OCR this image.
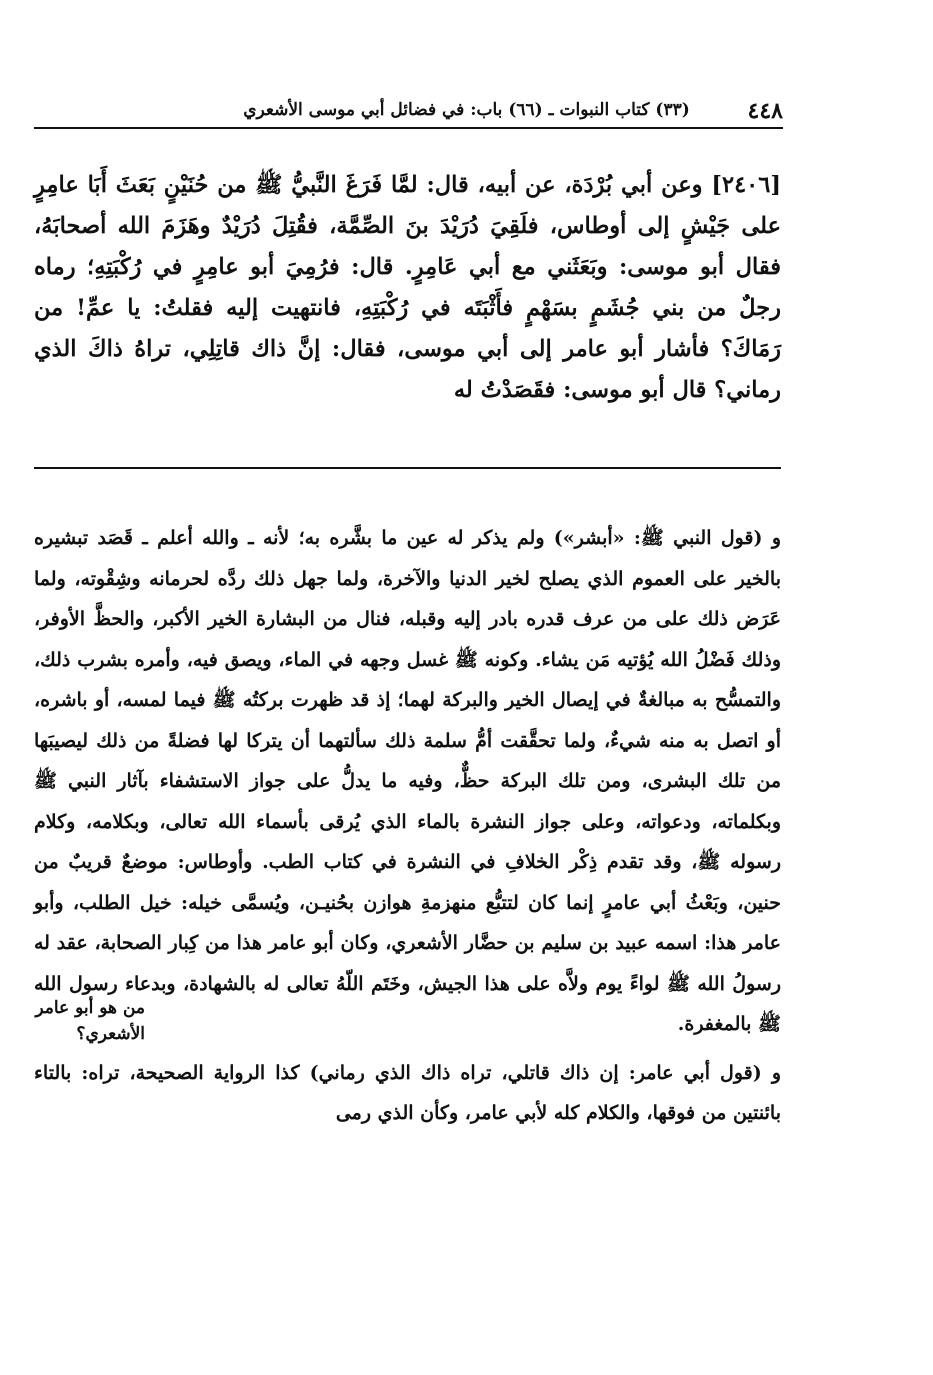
٤٤٨
(٣٣) كتاب النبوات ـ (٦٦) باب: في فضائل أبي موسى الأشعري

[٢٤٠٦] وعن أبي بُرْدَة، عن أبيه، قال: لمَّا فَرَغَ النَّبيُّ ﷺ من حُنَيْنٍ بَعَثَ أَبَا عامِرٍ على جَيْشٍ إلى أوطاس، فلَقِيَ دُرَيْدَ بنَ الصِّمَّة، فقُتِلَ دُرَيْدٌ وهَزَمَ الله أصحابَهُ، فقال أبو موسى: وبَعَثَني مع أبي عَامِرٍ. قال: فرُمِيَ أبو عامِرٍ في رُكْبَتِهِ؛ رماه رجلٌ من بني جُشَمٍ بسَهْمٍ فأَثْبَتَه في رُكْبَتِهِ، فانتهيت إليه فقلتُ: يا عمِّ! من رَمَاكَ؟ فأشار أبو عامر إلى أبي موسى، فقال: إنَّ ذاك قاتِلِي، تراهُ ذاكَ الذي رماني؟ قال أبو موسى: فقَصَدْتُ له

و (قول النبي ﷺ: «أبشر») ولم يذكر له عين ما بشَّره به؛ لأنه ـ والله أعلم ـ قَصَد تبشيره بالخير على العموم الذي يصلح لخير الدنيا والآخرة، ولما جهل ذلك ردَّه لحرمانه وشِقْوته، ولما عَرَض ذلك على من عرف قدره بادر إليه وقبله، فنال من البشارة الخير الأكبر، والحظَّ الأوفر، وذلك فَضْلُ الله يُؤتيه مَن يشاء. وكونه ﷺ غسل وجهه في الماء، ويصق فيه، وأمره بشرب ذلك، والتمسُّح به مبالغةٌ في إيصال الخير والبركة لهما؛ إذ قد ظهرت بركتُه ﷺ فيما لمسه، أو باشره، أو اتصل به منه شيءٌ، ولما تحقَّقت أمُّ سلمة ذلك سألتهما أن يتركا لها فضلةً من ذلك ليصيبَها من تلك البشرى، ومن تلك البركة حظٌّ، وفيه ما يدلُّ على جواز الاستشفاء بآثار النبي ﷺ وبكلماته، ودعواته، وعلى جواز النشرة بالماء الذي يُرقى بأسماء الله تعالى، وبكلامه، وكلام رسوله ﷺ، وقد تقدم ذِكْر الخلافِ في النشرة في كتاب الطب. وأوطاس: موضعٌ قريبٌ من حنين، وبَعْثُ أبي عامرٍ إنما كان لتتبُّع منهزمةِ هوازن بحُنيـن، ويُسمَّى خيله: خيل الطلب، وأبو عامر هذا: اسمه عبيد بن سليم بن حضَّار الأشعري، وكان أبو عامر هذا من كِبار الصحابة، عقد له رسولُ الله ﷺ لواءً يوم ولاَّه على هذا الجيش، وخَتَم اللّهُ تعالى له بالشهادة، وبدعاء رسول الله ﷺ بالمغفرة.

و (قول أبي عامر: إن ذاك قاتلي، تراه ذاك الذي رماني) كذا الرواية الصحيحة، تراه: بالتاء بائنتين من فوقها، والكلام كله لأبي عامر، وكأن الذي رمى

من هو أبو عامر الأشعري؟
